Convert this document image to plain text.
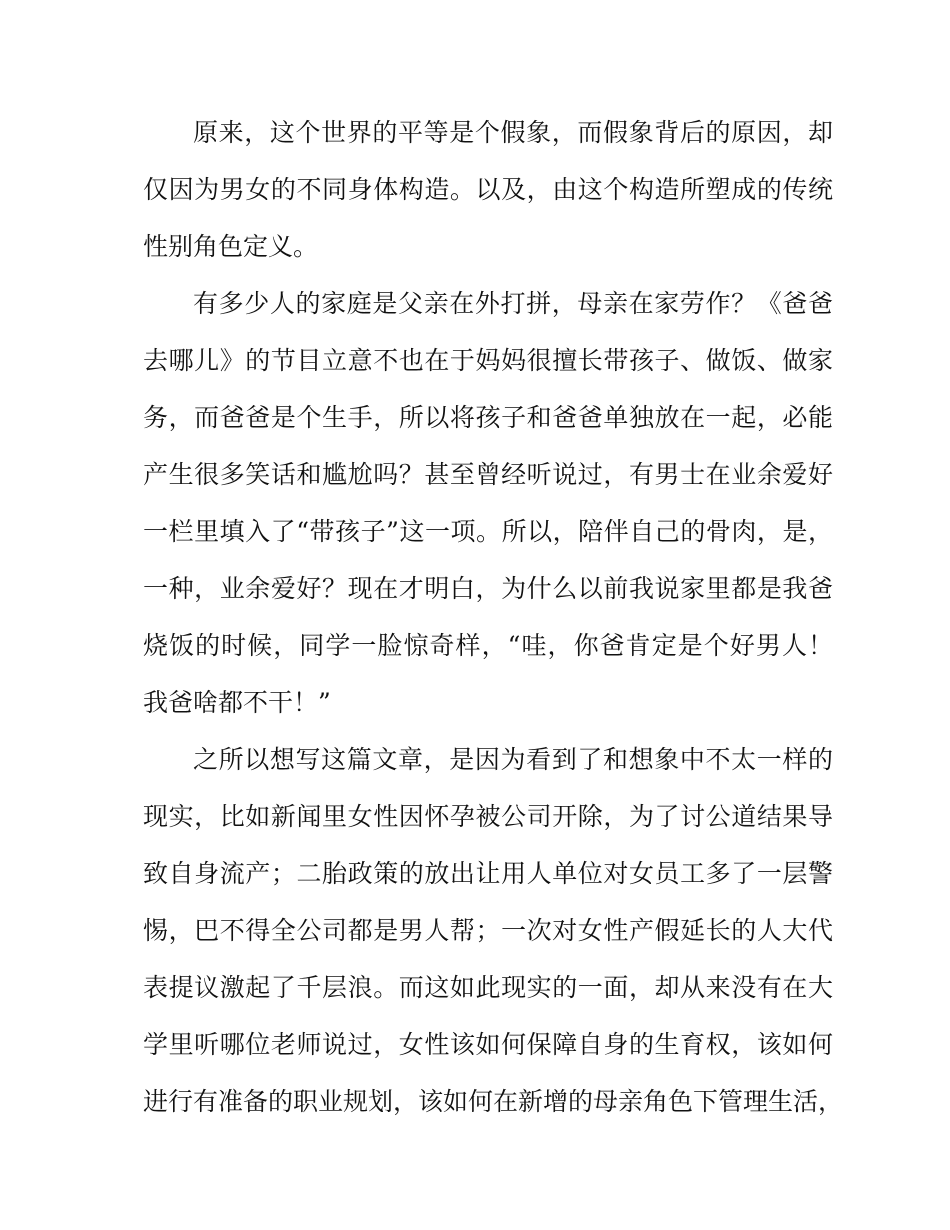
原来，这个世界的平等是个假象，而假象背后的原因，却
仅因为男女的不同身体构造。以及，由这个构造所塑成的传统
性别角色定义。
有多少人的家庭是父亲在外打拼，母亲在家劳作？《爸爸
去哪儿》的节目立意不也在于妈妈很擅长带孩子、做饭、做家
务，而爸爸是个生手，所以将孩子和爸爸单独放在一起，必能
产生很多笑话和尴尬吗？甚至曾经听说过，有男士在业余爱好
一栏里填入了“带孩子”这一项。所以，陪伴自己的骨肉，是，
一种，业余爱好？现在才明白，为什么以前我说家里都是我爸
烧饭的时候，同学一脸惊奇样，“哇，你爸肯定是个好男人！
我爸啥都不干！”
之所以想写这篇文章，是因为看到了和想象中不太一样的
现实，比如新闻里女性因怀孕被公司开除，为了讨公道结果导
致自身流产；二胎政策的放出让用人单位对女员工多了一层警
惕，巴不得全公司都是男人帮；一次对女性产假延长的人大代
表提议激起了千层浪。而这如此现实的一面，却从来没有在大
学里听哪位老师说过，女性该如何保障自身的生育权，该如何
进行有准备的职业规划，该如何在新增的母亲角色下管理生活，
